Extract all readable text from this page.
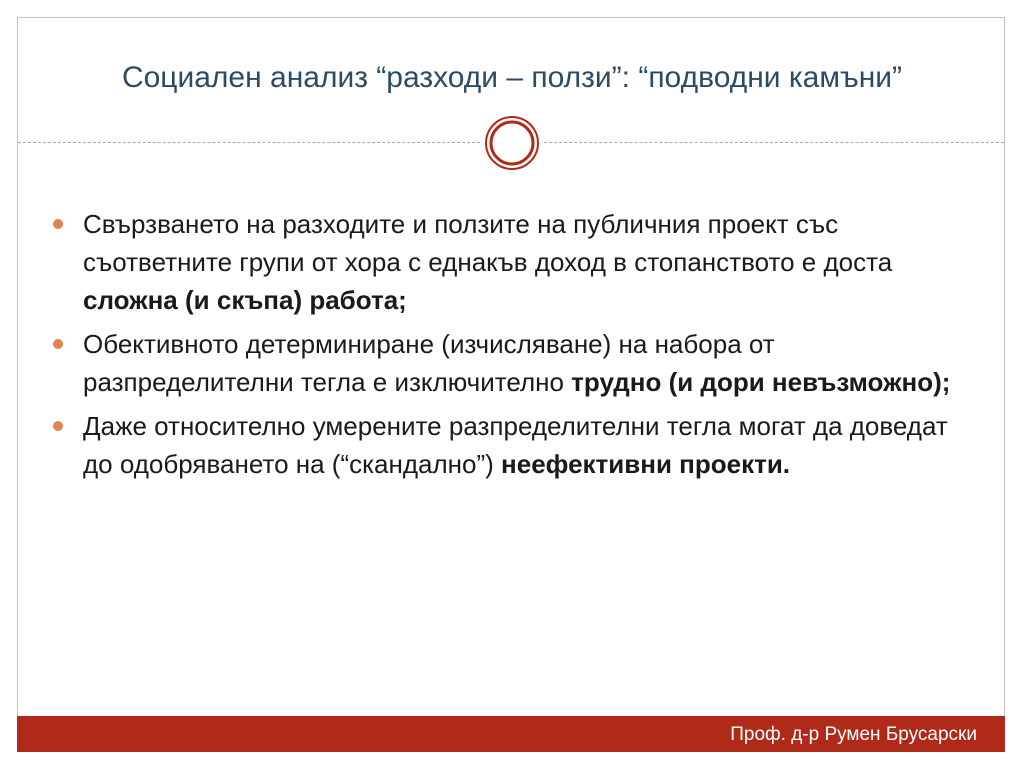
Социален анализ “разходи – ползи”: “подводни камъни”
Свързването на разходите и ползите на публичния проект със съответните групи от хора с еднакъв доход в стопанството е доста сложна (и скъпа) работа;
Обективното детерминиране (изчисляване) на набора от разпределителни тегла е изключително трудно (и дори невъзможно);
Даже относително умерените разпределителни тегла могат да доведат до одобряването на (“скандално”) неефективни проекти.
Проф. д-р Румен Брусарски
